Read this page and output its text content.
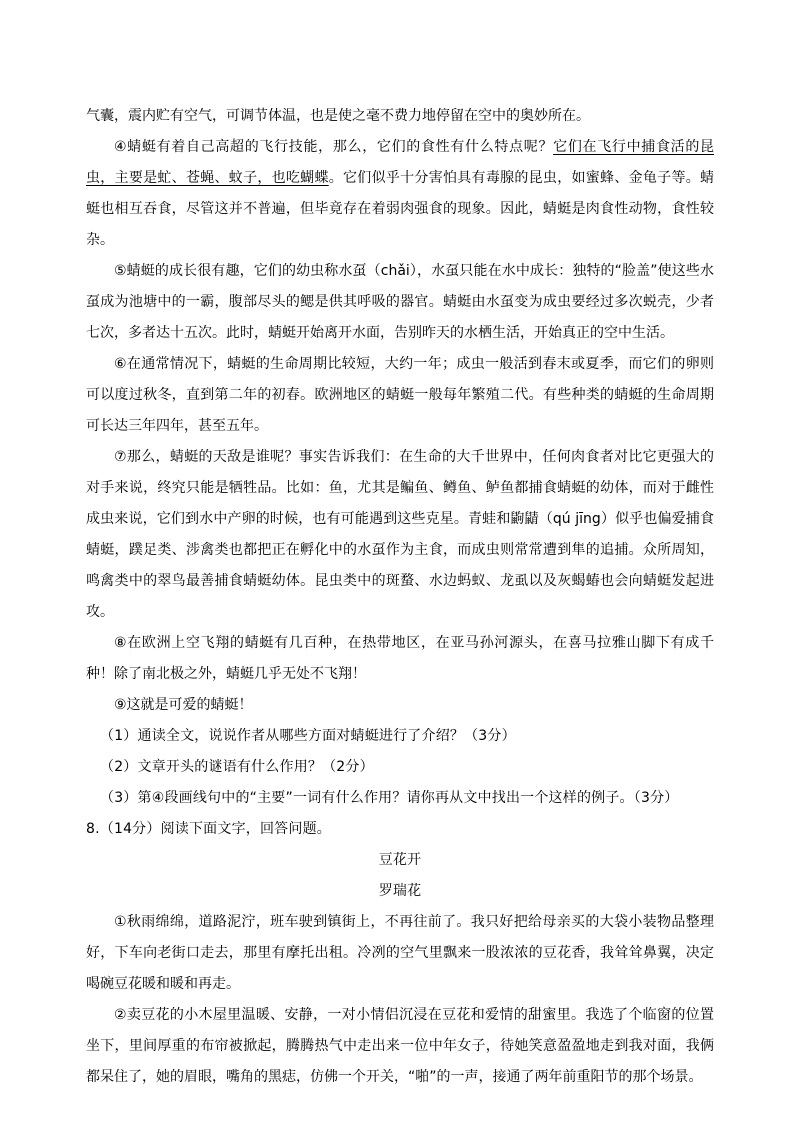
气囊，震内贮有空气，可调节体温，也是使之毫不费力地停留在空中的奥妙所在。

④蜻蜓有着自己高超的飞行技能，那么，它们的食性有什么特点呢？它们在飞行中捕食活的昆虫，主要是虻、苍蝇、蚊子，也吃蝴蝶。它们似乎十分害怕具有毒腺的昆虫，如蜜蜂、金龟子等。蜻蜓也相互吞食，尽管这并不普遍，但毕竟存在着弱肉强食的现象。因此，蜻蜓是肉食性动物，食性较杂。

⑤蜻蜓的成长很有趣，它们的幼虫称水虿（chǎi），水虿只能在水中成长：独特的“脸盖”使这些水虿成为池塘中的一霸，腹部尽头的鳃是供其呼吸的器官。蜻蜓由水虿变为成虫要经过多次蜕壳，少者七次，多者达十五次。此时，蜻蜓开始离开水面，告别昨天的水栖生活，开始真正的空中生活。

⑥在通常情况下，蜻蜓的生命周期比较短，大约一年；成虫一般活到春末或夏季，而它们的卵则可以度过秋冬，直到第二年的初春。欧洲地区的蜻蜓一般每年繁殖二代。有些种类的蜻蜓的生命周期可长达三年四年，甚至五年。

⑦那么，蜻蜓的天敌是谁呢？事实告诉我们：在生命的大千世界中，任何肉食者对比它更强大的对手来说，终究只能是牺牲品。比如：鱼，尤其是鳊鱼、鳟鱼、鲈鱼都捕食蜻蜓的幼体，而对于雌性成虫来说，它们到水中产卵的时候，也有可能遇到这些克星。青蛙和鼩鼱（qú jīng）似乎也偏爱捕食蜻蜓，蹼足类、涉禽类也都把正在孵化中的水虿作为主食，而成虫则常常遭到隼的追捕。众所周知，鸣禽类中的翠鸟最善捕食蜻蜓幼体。昆虫类中的斑蝥、水边蚂蚁、龙虱以及灰蝎蝽也会向蜻蜓发起进攻。

⑧在欧洲上空飞翔的蜻蜓有几百种，在热带地区，在亚马孙河源头，在喜马拉雅山脚下有成千种！除了南北极之外，蜻蜓几乎无处不飞翔！

⑨这就是可爱的蜻蜓！

（1）通读全文，说说作者从哪些方面对蜻蜓进行了介绍？（3分）
（2）文章开头的谜语有什么作用？（2分）
（3）第④段画线句中的“主要”一词有什么作用？请你再从文中找出一个这样的例子。（3分）
8.（14分）阅读下面文字，回答问题。
豆花开
罗瑞花

①秋雨绵绵，道路泥泞，班车驶到镇街上，不再往前了。我只好把给母亲买的大袋小装物品整理好，下车向老街口走去，那里有摩托出租。冷冽的空气里飘来一股浓浓的豆花香，我耸耸鼻翼，决定喝碗豆花暖和暖和再走。

②卖豆花的小木屋里温暖、安静，一对小情侣沉浸在豆花和爱情的甜蜜里。我选了个临窗的位置坐下，里间厚重的布帘被掀起，腾腾热气中走出来一位中年女子，待她笑意盈盈地走到我对面，我俩都呆住了，她的眉眼，嘴角的黑痣，仿佛一个开关，“啪”的一声，接通了两年前重阳节的那个场景。
